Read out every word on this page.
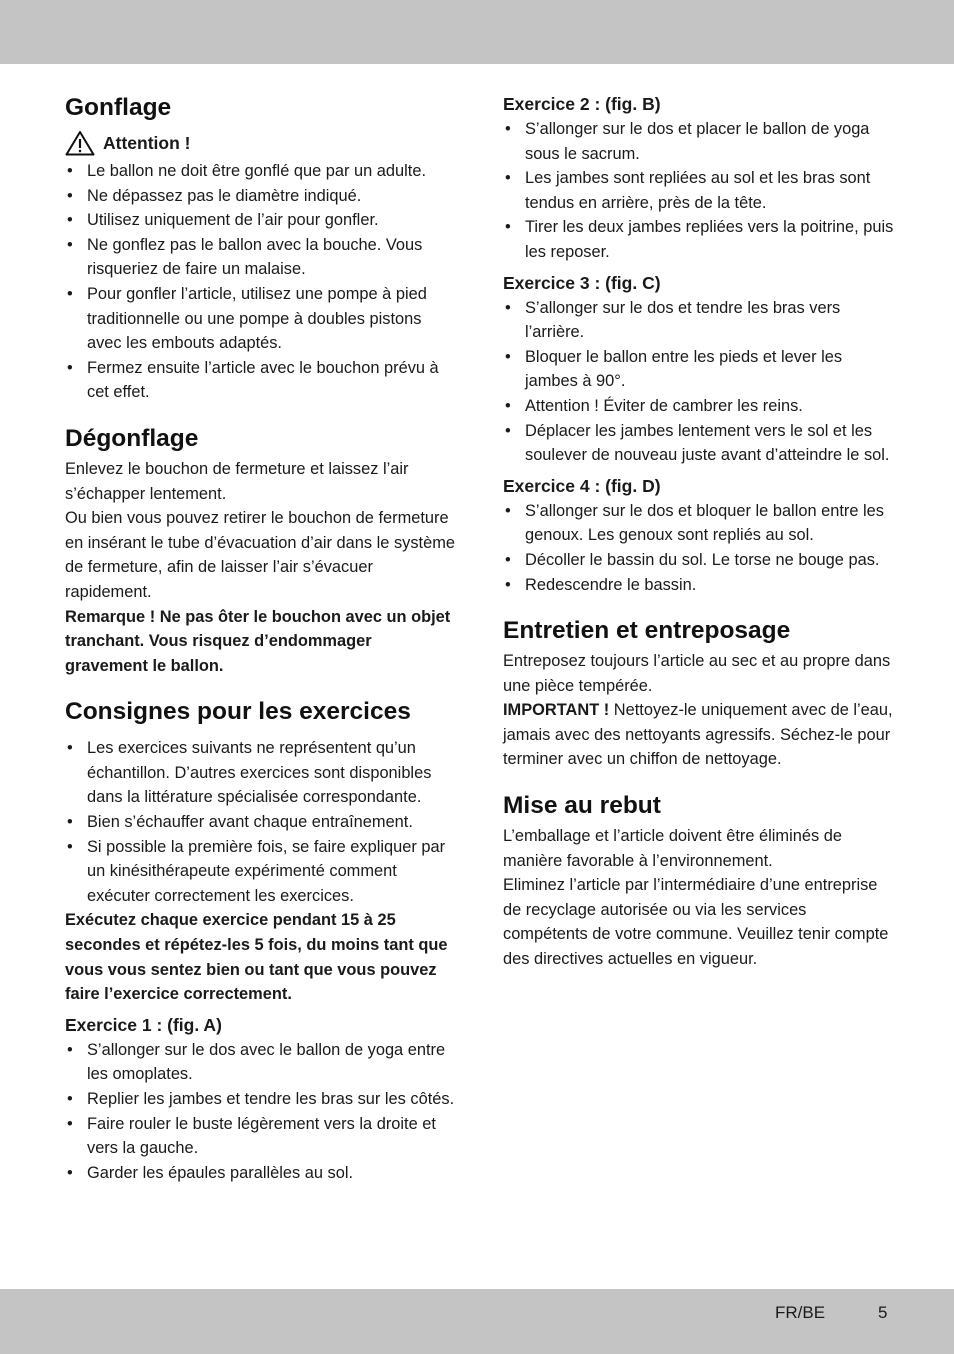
Gonflage
Attention !
• Le ballon ne doit être gonflé que par un adulte.
• Ne dépassez pas le diamètre indiqué.
• Utilisez uniquement de l’air pour gonfler.
• Ne gonflez pas le ballon avec la bouche. Vous risqueriez de faire un malaise.
• Pour gonfler l’article, utilisez une pompe à pied traditionnelle ou une pompe à doubles pistons avec les embouts adaptés.
• Fermez ensuite l’article avec le bouchon prévu à cet effet.
Dégonflage

Enlevez le bouchon de fermeture et laissez l’air s’échapper lentement.

Ou bien vous pouvez retirer le bouchon de fermeture en insérant le tube d’évacuation d’air dans le système de fermeture, afin de laisser l’air s’évacuer rapidement.

Remarque ! Ne pas ôter le bouchon avec un objet tranchant. Vous risquez d’endommager gravement le ballon.

Consignes pour les exercices
• Les exercices suivants ne représentent qu’un échantillon. D’autres exercices sont disponibles dans la littérature spécialisée correspondante.
• Bien s’échauffer avant chaque entraînement.
• Si possible la première fois, se faire expliquer par un kinésithérapeute expérimenté comment exécuter correctement les exercices.

Exécutez chaque exercice pendant 15 à 25 secondes et répétez-les 5 fois, du moins tant que vous vous sentez bien ou tant que vous pouvez faire l’exercice correctement.

Exercice 1 : (fig. A)
• S’allonger sur le dos avec le ballon de yoga entre les omoplates.
• Replier les jambes et tendre les bras sur les côtés.
• Faire rouler le buste légèrement vers la droite et vers la gauche.
• Garder les épaules parallèles au sol.
Exercice 2 : (fig. B)
• S’allonger sur le dos et placer le ballon de yoga sous le sacrum.
• Les jambes sont repliées au sol et les bras sont tendus en arrière, près de la tête.
• Tirer les deux jambes repliées vers la poitrine, puis les reposer.
Exercice 3 : (fig. C)
• S’allonger sur le dos et tendre les bras vers l’arrière.
• Bloquer le ballon entre les pieds et lever les jambes à 90°.
• Attention ! Éviter de cambrer les reins.
• Déplacer les jambes lentement vers le sol et les soulever de nouveau juste avant d’atteindre le sol.
Exercice 4 : (fig. D)
• S’allonger sur le dos et bloquer le ballon entre les genoux. Les genoux sont repliés au sol.
• Décoller le bassin du sol. Le torse ne bouge pas.
• Redescendre le bassin.
Entretien et entreposage

Entreposez toujours l’article au sec et au propre dans une pièce tempérée.

IMPORTANT ! Nettoyez-le uniquement avec de l’eau, jamais avec des nettoyants agressifs. Séchez-le pour terminer avec un chiffon de nettoyage.

Mise au rebut

L’emballage et l’article doivent être éliminés de manière favorable à l’environnement.

Eliminez l’article par l’intermédiaire d’une entreprise de recyclage autorisée ou via les services compétents de votre commune. Veuillez tenir compte des directives actuelles en vigueur.

FR/BE	5
